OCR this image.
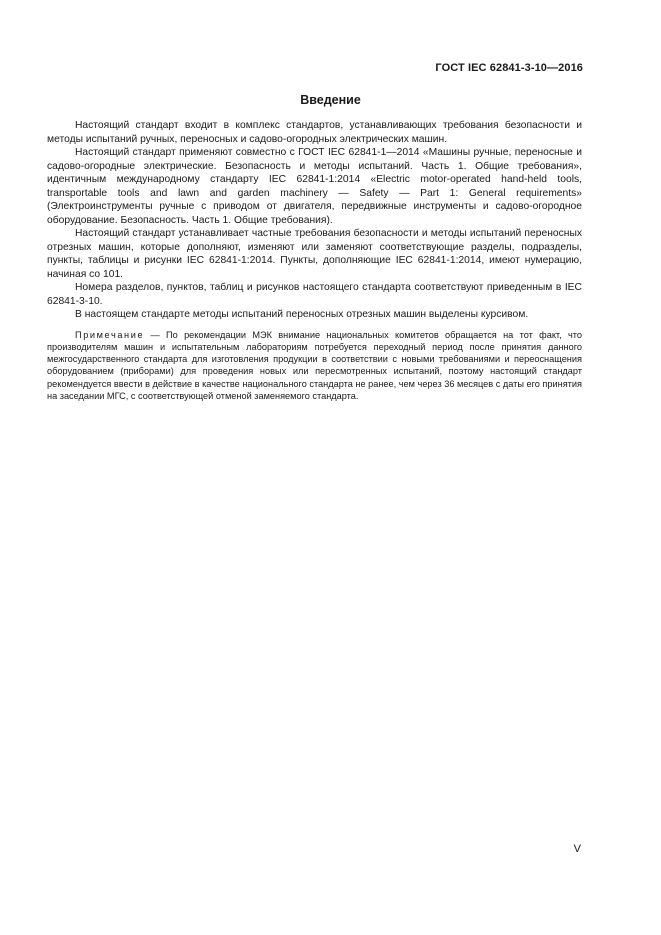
ГОСТ IEC 62841-3-10—2016
Введение

Настоящий стандарт входит в комплекс стандартов, устанавливающих требования безопасности и методы испытаний ручных, переносных и садово-огородных электрических машин.

Настоящий стандарт применяют совместно с ГОСТ IEC 62841-1—2014 «Машины ручные, переносные и садово-огородные электрические. Безопасность и методы испытаний. Часть 1. Общие требования», идентичным международному стандарту IEC 62841-1:2014 «Electric motor-operated hand-held tools, transportable tools and lawn and garden machinery — Safety — Part 1: General requirements» (Электроинструменты ручные с приводом от двигателя, передвижные инструменты и садово-огородное оборудование. Безопасность. Часть 1. Общие требования).

Настоящий стандарт устанавливает частные требования безопасности и методы испытаний переносных отрезных машин, которые дополняют, изменяют или заменяют соответствующие разделы, подразделы, пункты, таблицы и рисунки IEC 62841-1:2014. Пункты, дополняющие IEC 62841-1:2014, имеют нумерацию, начиная со 101.

Номера разделов, пунктов, таблиц и рисунков настоящего стандарта соответствуют приведенным в IEC 62841-3-10.

В настоящем стандарте методы испытаний переносных отрезных машин выделены курсивом.

Примечание — По рекомендации МЭК внимание национальных комитетов обращается на тот факт, что производителям машин и испытательным лабораториям потребуется переходный период после принятия данного межгосударственного стандарта для изготовления продукции в соответствии с новыми требованиями и переоснащения оборудованием (приборами) для проведения новых или пересмотренных испытаний, поэтому настоящий стандарт рекомендуется ввести в действие в качестве национального стандарта не ранее, чем через 36 месяцев с даты его принятия на заседании МГС, с соответствующей отменой заменяемого стандарта.

V
